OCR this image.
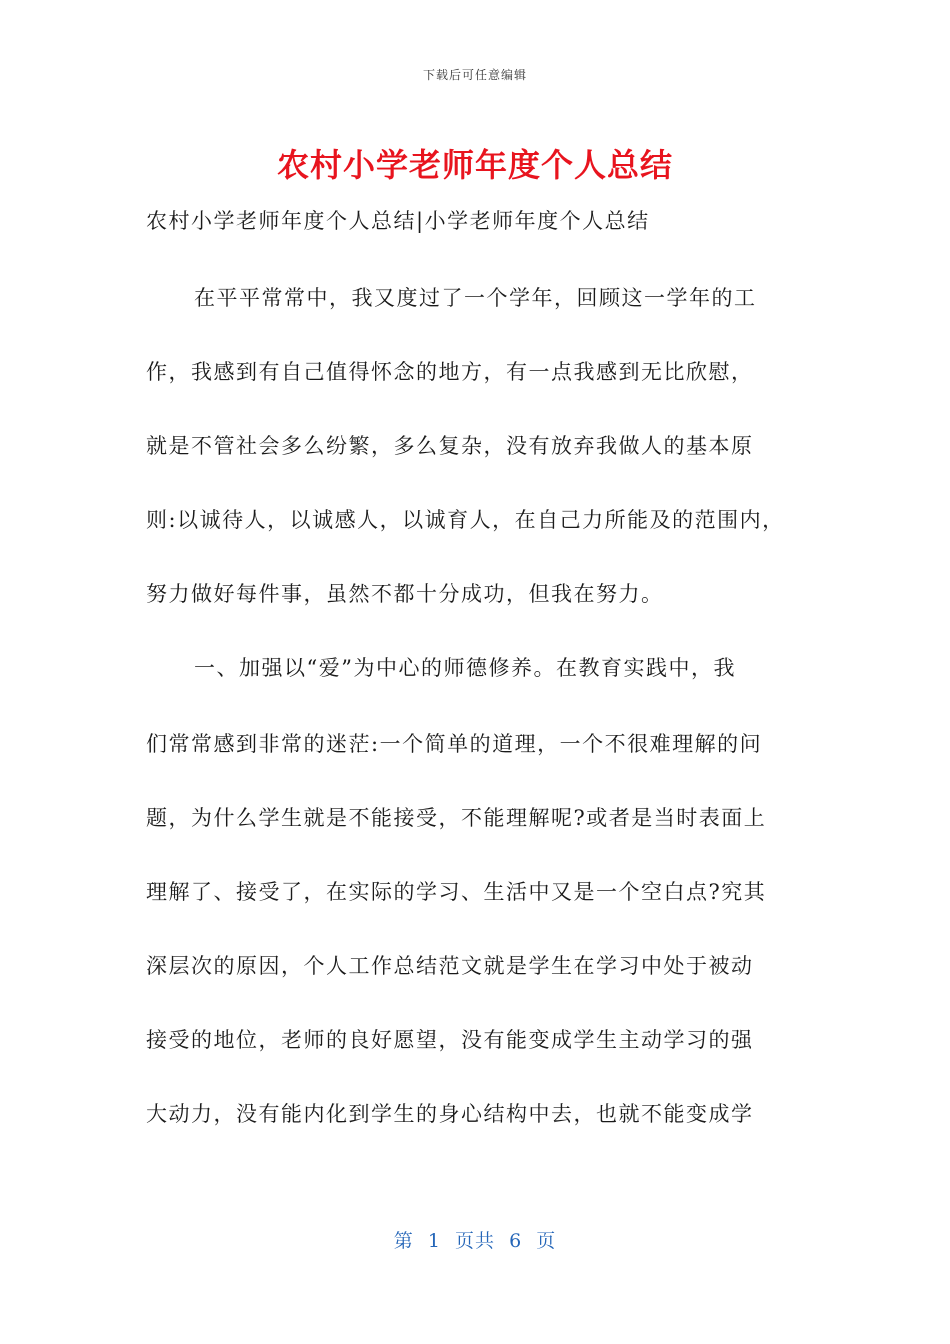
下载后可任意编辑
农村小学老师年度个人总结
农村小学老师年度个人总结|小学老师年度个人总结
在平平常常中，我又度过了一个学年，回顾这一学年的工
作，我感到有自己值得怀念的地方，有一点我感到无比欣慰，
就是不管社会多么纷繁，多么复杂，没有放弃我做人的基本原
则:以诚待人，以诚感人，以诚育人，在自己力所能及的范围内，
努力做好每件事，虽然不都十分成功，但我在努力。
一、加强以“爱”为中心的师德修养。在教育实践中，我
们常常感到非常的迷茫:一个简单的道理，一个不很难理解的问
题，为什么学生就是不能接受，不能理解呢?或者是当时表面上
理解了、接受了，在实际的学习、生活中又是一个空白点?究其
深层次的原因，个人工作总结范文就是学生在学习中处于被动
接受的地位，老师的良好愿望，没有能变成学生主动学习的强
大动力，没有能内化到学生的身心结构中去，也就不能变成学
第  1  页共  6  页
